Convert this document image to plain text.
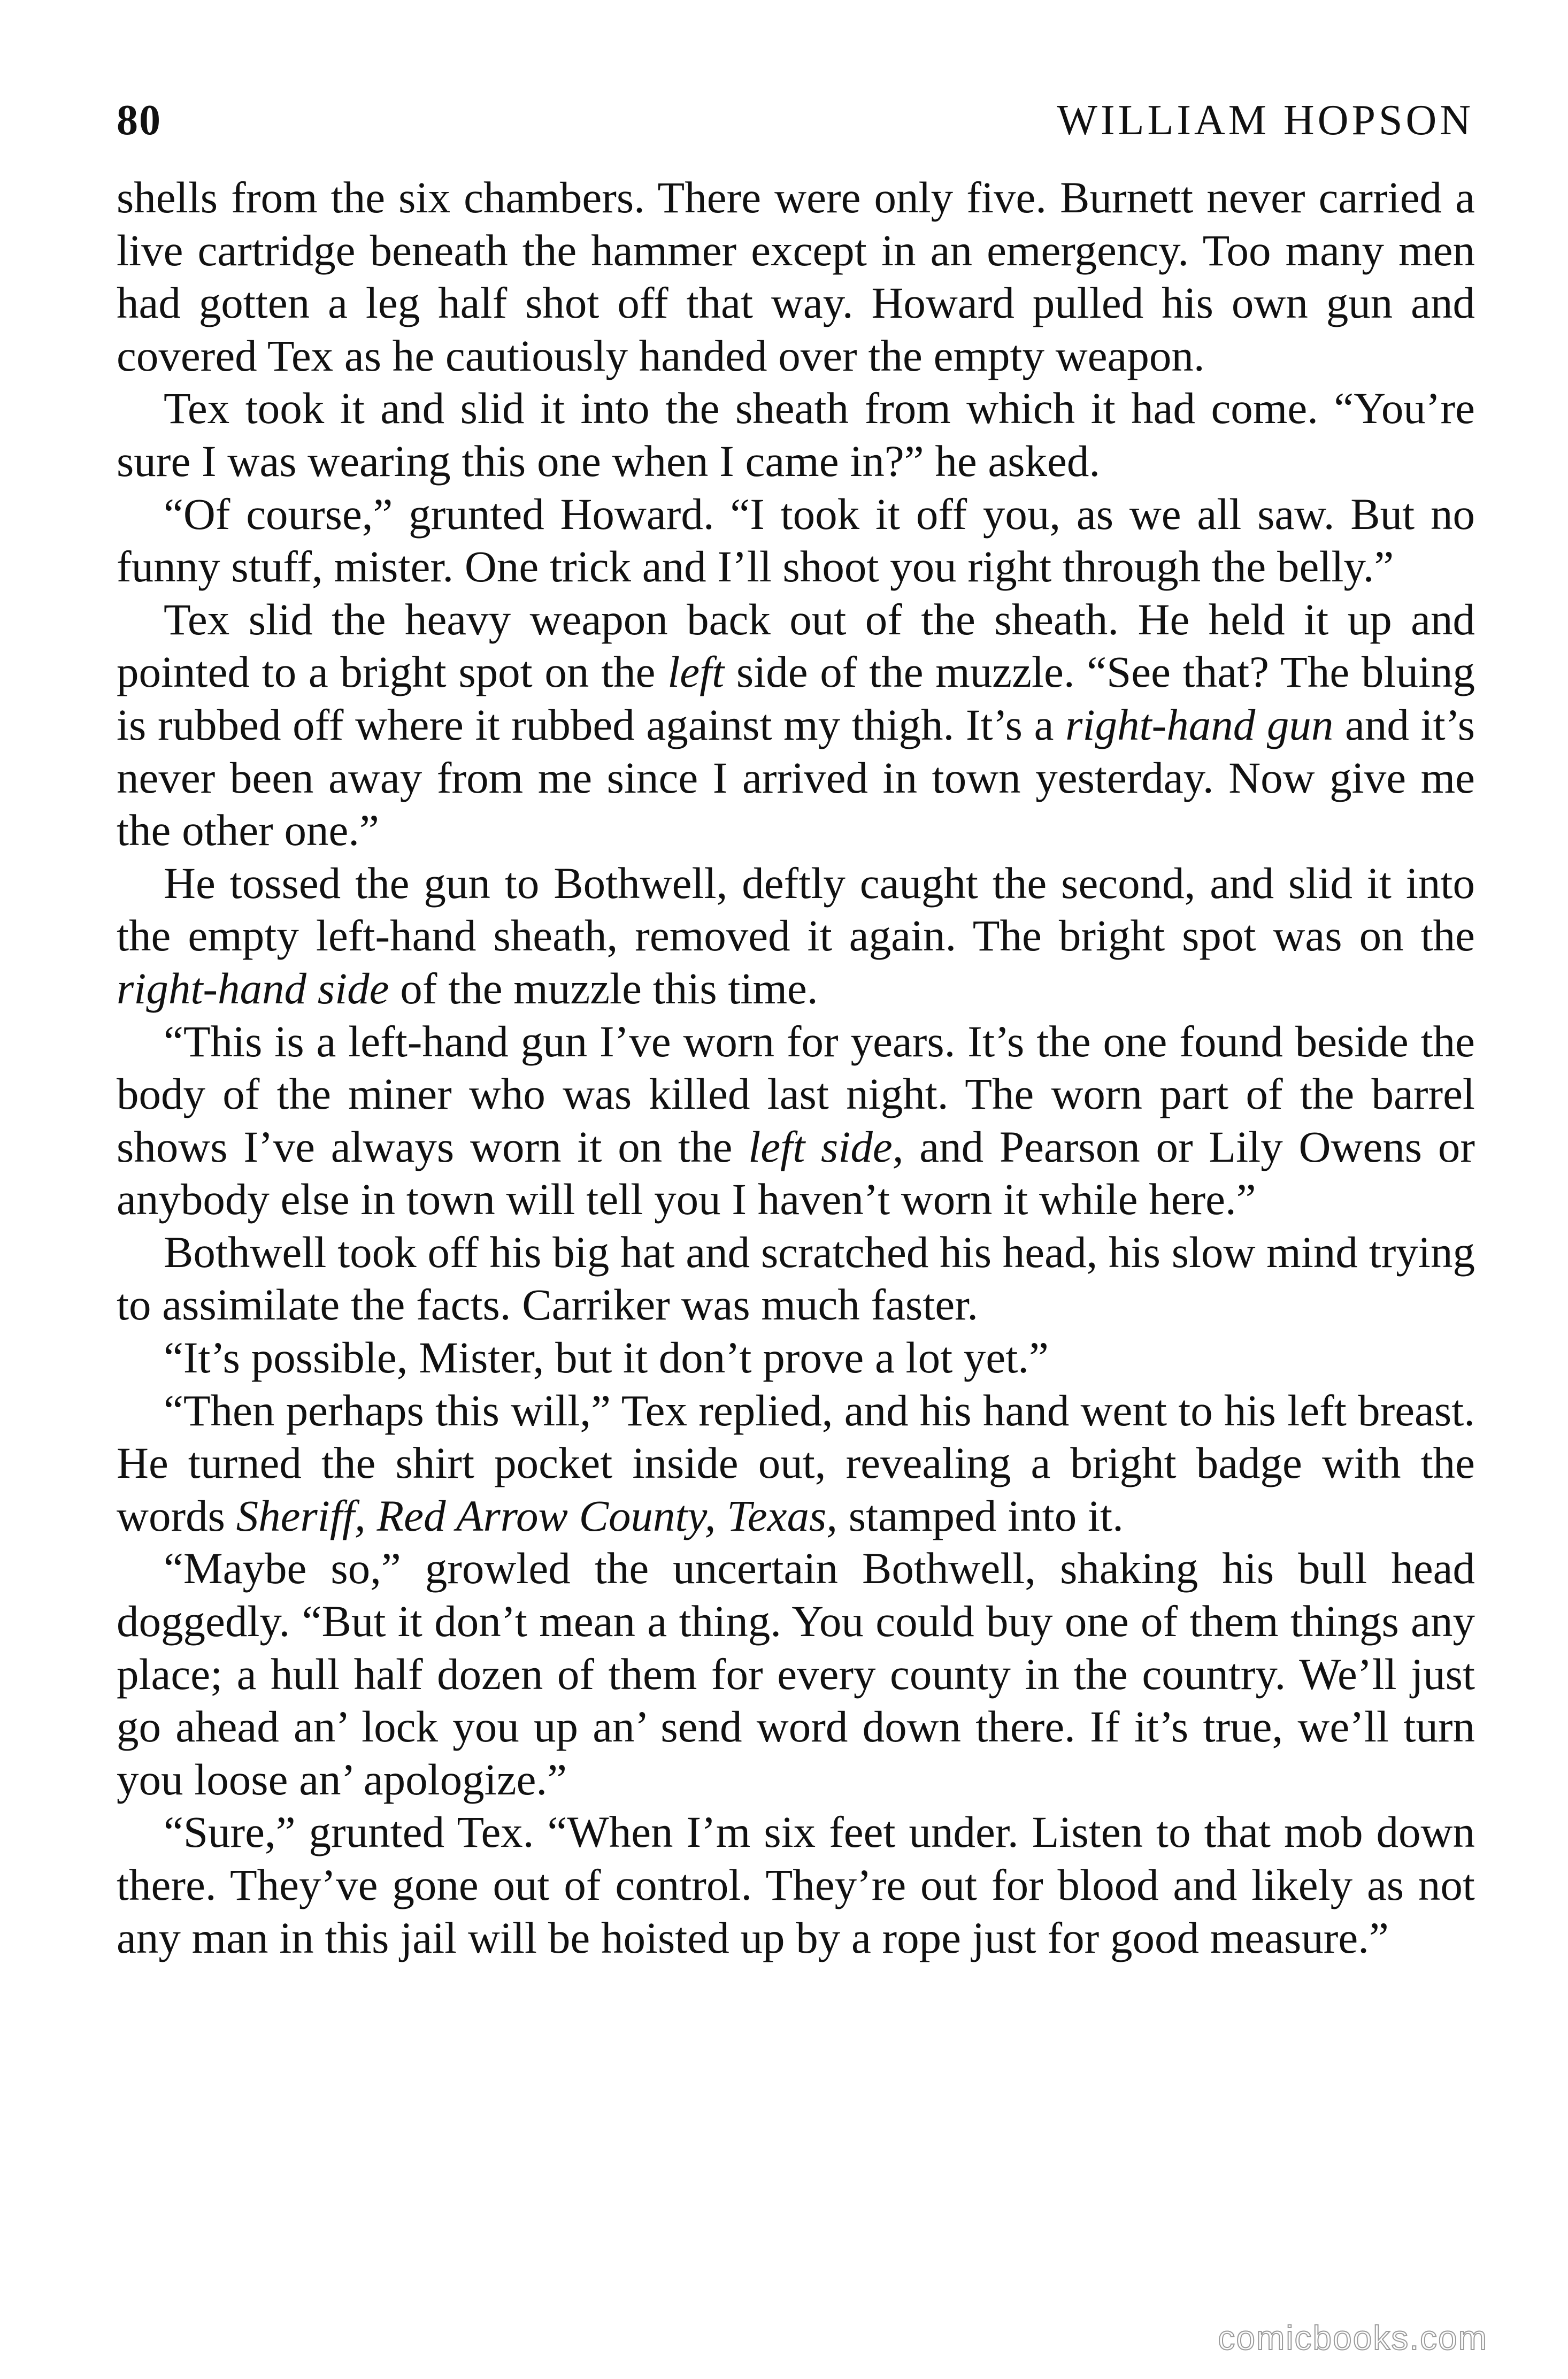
80	WILLIAM HOPSON

shells from the six chambers. There were only five. Burnett never carried a live cartridge beneath the hammer except in an emergency. Too many men had gotten a leg half shot off that way. Howard pulled his own gun and covered Tex as he cautiously handed over the empty weapon.

Tex took it and slid it into the sheath from which it had come. “You’re sure I was wearing this one when I came in?” he asked.

“Of course,” grunted Howard. “I took it off you, as we all saw. But no funny stuff, mister. One trick and I’ll shoot you right through the belly.”

Tex slid the heavy weapon back out of the sheath. He held it up and pointed to a bright spot on the left side of the muzzle. “See that? The bluing is rubbed off where it rubbed against my thigh. It’s a right-hand gun and it’s never been away from me since I arrived in town yesterday. Now give me the other one.”

He tossed the gun to Bothwell, deftly caught the second, and slid it into the empty left-hand sheath, removed it again. The bright spot was on the right-hand side of the muzzle this time.

“This is a left-hand gun I’ve worn for years. It’s the one found beside the body of the miner who was killed last night. The worn part of the barrel shows I’ve always worn it on the left side, and Pearson or Lily Owens or anybody else in town will tell you I haven’t worn it while here.”

Bothwell took off his big hat and scratched his head, his slow mind trying to assimilate the facts. Carriker was much faster.

“It’s possible, Mister, but it don’t prove a lot yet.”

“Then perhaps this will,” Tex replied, and his hand went to his left breast. He turned the shirt pocket inside out, revealing a bright badge with the words Sheriff, Red Arrow County, Texas, stamped into it.

“Maybe so,” growled the uncertain Bothwell, shaking his bull head doggedly. “But it don’t mean a thing. You could buy one of them things any place; a hull half dozen of them for every county in the country. We’ll just go ahead an’ lock you up an’ send word down there. If it’s true, we’ll turn you loose an’ apologize.”

“Sure,” grunted Tex. “When I’m six feet under. Listen to that mob down there. They’ve gone out of control. They’re out for blood and likely as not any man in this jail will be hoisted up by a rope just for good measure.”

comicbooks.com
